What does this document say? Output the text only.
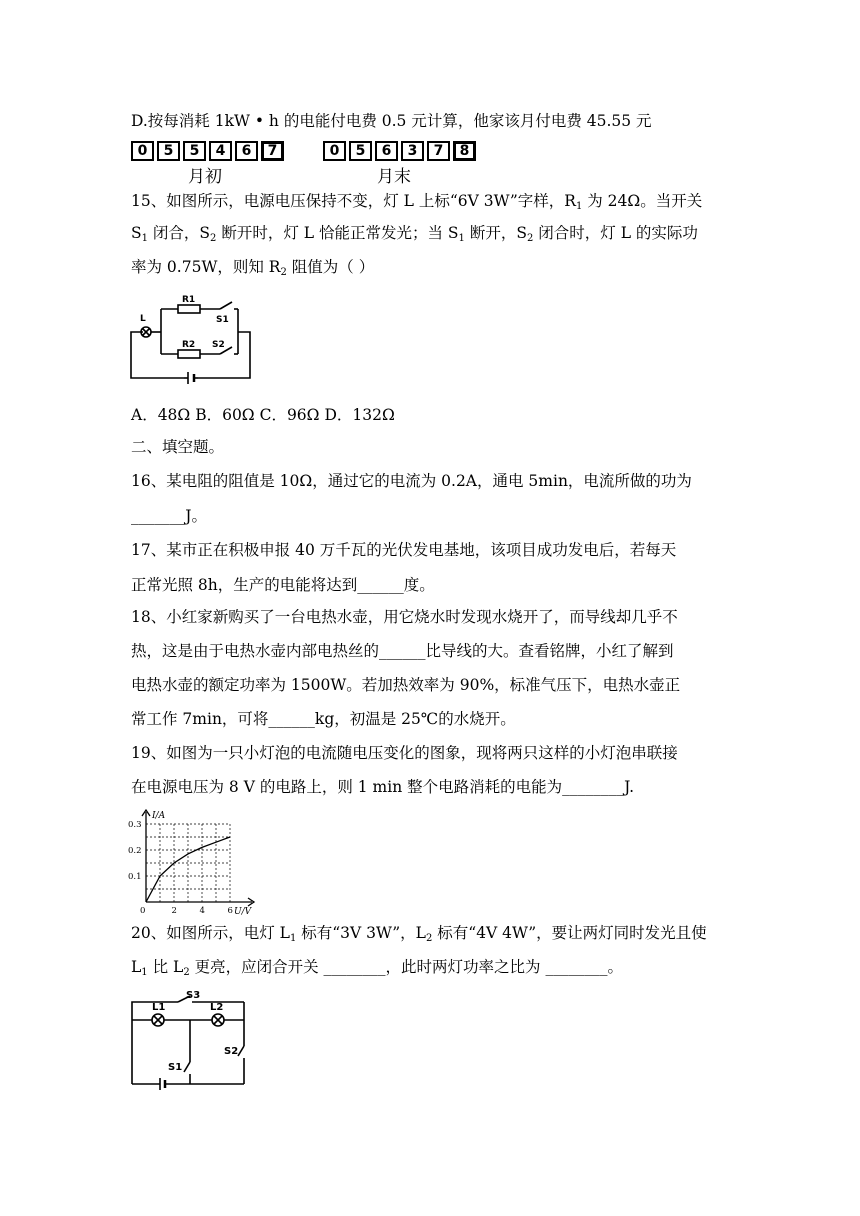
D.按每消耗 1kW • h 的电能付电费 0.5 元计算，他家该月付电费 45.55 元
0	5	5	4	6	7	0	5	6	3	7	8
月初	月末
15、如图所示，电源电压保持不变，灯 L 上标“6V 3W”字样，$R_1$ 为 24Ω。当开关
$S_1$ 闭合，$S_2$ 断开时，灯 L 恰能正常发光；当 $S_1$ 断开，$S_2$ 闭合时，灯 L 的实际功
率为 0.75W，则知 $R_2$ 阻值为（ ）
L
R1
S1
R2 S2
A．48Ω B．60Ω C．96Ω D．132Ω
二、填空题。
16、某电阻的阻值是 10Ω，通过它的电流为 0.2A，通电 5min，电流所做的功为
_______J。
17、某市正在积极申报 40 万千瓦的光伏发电基地，该项目成功发电后，若每天
正常光照 8h，生产的电能将达到______度。
18、小红家新购买了一台电热水壶，用它烧水时发现水烧开了，而导线却几乎不
热，这是由于电热水壶内部电热丝的______比导线的大。查看铭牌，小红了解到
电热水壶的额定功率为 1500W。若加热效率为 90%，标准气压下，电热水壶正
常工作 7min，可将______kg，初温是 25℃的水烧开。
19、如图为一只小灯泡的电流随电压变化的图象，现将两只这样的小灯泡串联接
在电源电压为 8 V 的电路上，则 1 min 整个电路消耗的电能为________J.
I/A
U/V
0.3
0.2
0.1
0	2	4	6
20、如图所示，电灯 $L_1$ 标有“3V 3W”，$L_2$ 标有“4V 4W”，要让两灯同时发光且使
$L_1$ 比 $L_2$ 更亮，应闭合开关 ________，此时两灯功率之比为 ________。
S3
L1	L2
S1
S2
